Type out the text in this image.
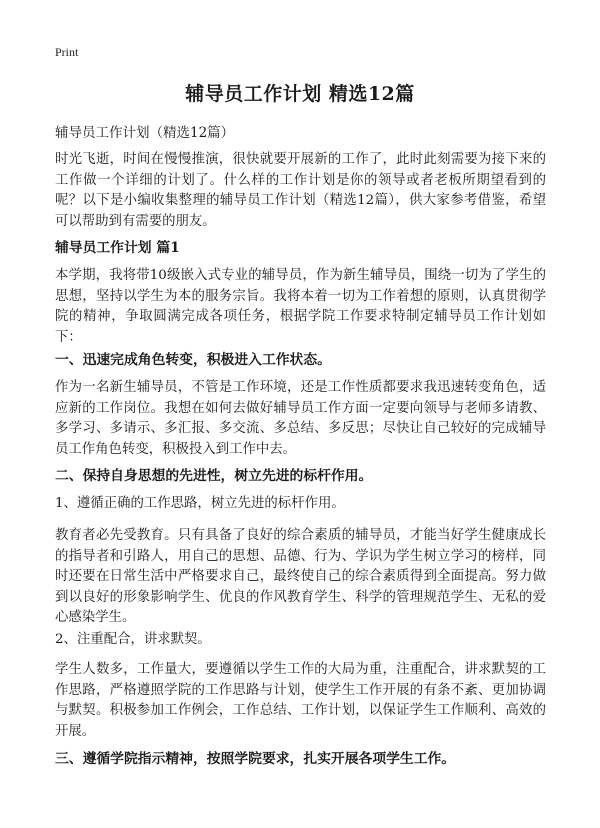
Print
辅导员工作计划 精选12篇
辅导员工作计划（精选12篇）
时光飞逝，时间在慢慢推演，很快就要开展新的工作了，此时此刻需要为接下来的工作做一个详细的计划了。什么样的工作计划是你的领导或者老板所期望看到的呢？以下是小编收集整理的辅导员工作计划（精选12篇），供大家参考借鉴，希望可以帮助到有需要的朋友。
辅导员工作计划 篇1
本学期，我将带10级嵌入式专业的辅导员，作为新生辅导员，围绕一切为了学生的思想，坚持以学生为本的服务宗旨。我将本着一切为工作着想的原则，认真贯彻学院的精神，争取圆满完成各项任务，根据学院工作要求特制定辅导员工作计划如下：
一、迅速完成角色转变，积极进入工作状态。
作为一名新生辅导员，不管是工作环境，还是工作性质都要求我迅速转变角色，适应新的工作岗位。我想在如何去做好辅导员工作方面一定要向领导与老师多请教、多学习、多请示、多汇报、多交流、多总结、多反思；尽快让自己较好的完成辅导员工作角色转变，积极投入到工作中去。
二、保持自身思想的先进性，树立先进的标杆作用。
1、遵循正确的工作思路，树立先进的标杆作用。
教育者必先受教育。只有具备了良好的综合素质的辅导员，才能当好学生健康成长的指导者和引路人，用自己的思想、品德、行为、学识为学生树立学习的榜样，同时还要在日常生活中严格要求自己，最终使自己的综合素质得到全面提高。努力做到以良好的形象影响学生、优良的作风教育学生、科学的管理规范学生、无私的爱心感染学生。
2、注重配合，讲求默契。
学生人数多，工作量大，要遵循以学生工作的大局为重，注重配合，讲求默契的工作思路，严格遵照学院的工作思路与计划，使学生工作开展的有条不紊、更加协调与默契。积极参加工作例会，工作总结、工作计划，以保证学生工作顺利、高效的开展。
三、遵循学院指示精神，按照学院要求，扎实开展各项学生工作。
